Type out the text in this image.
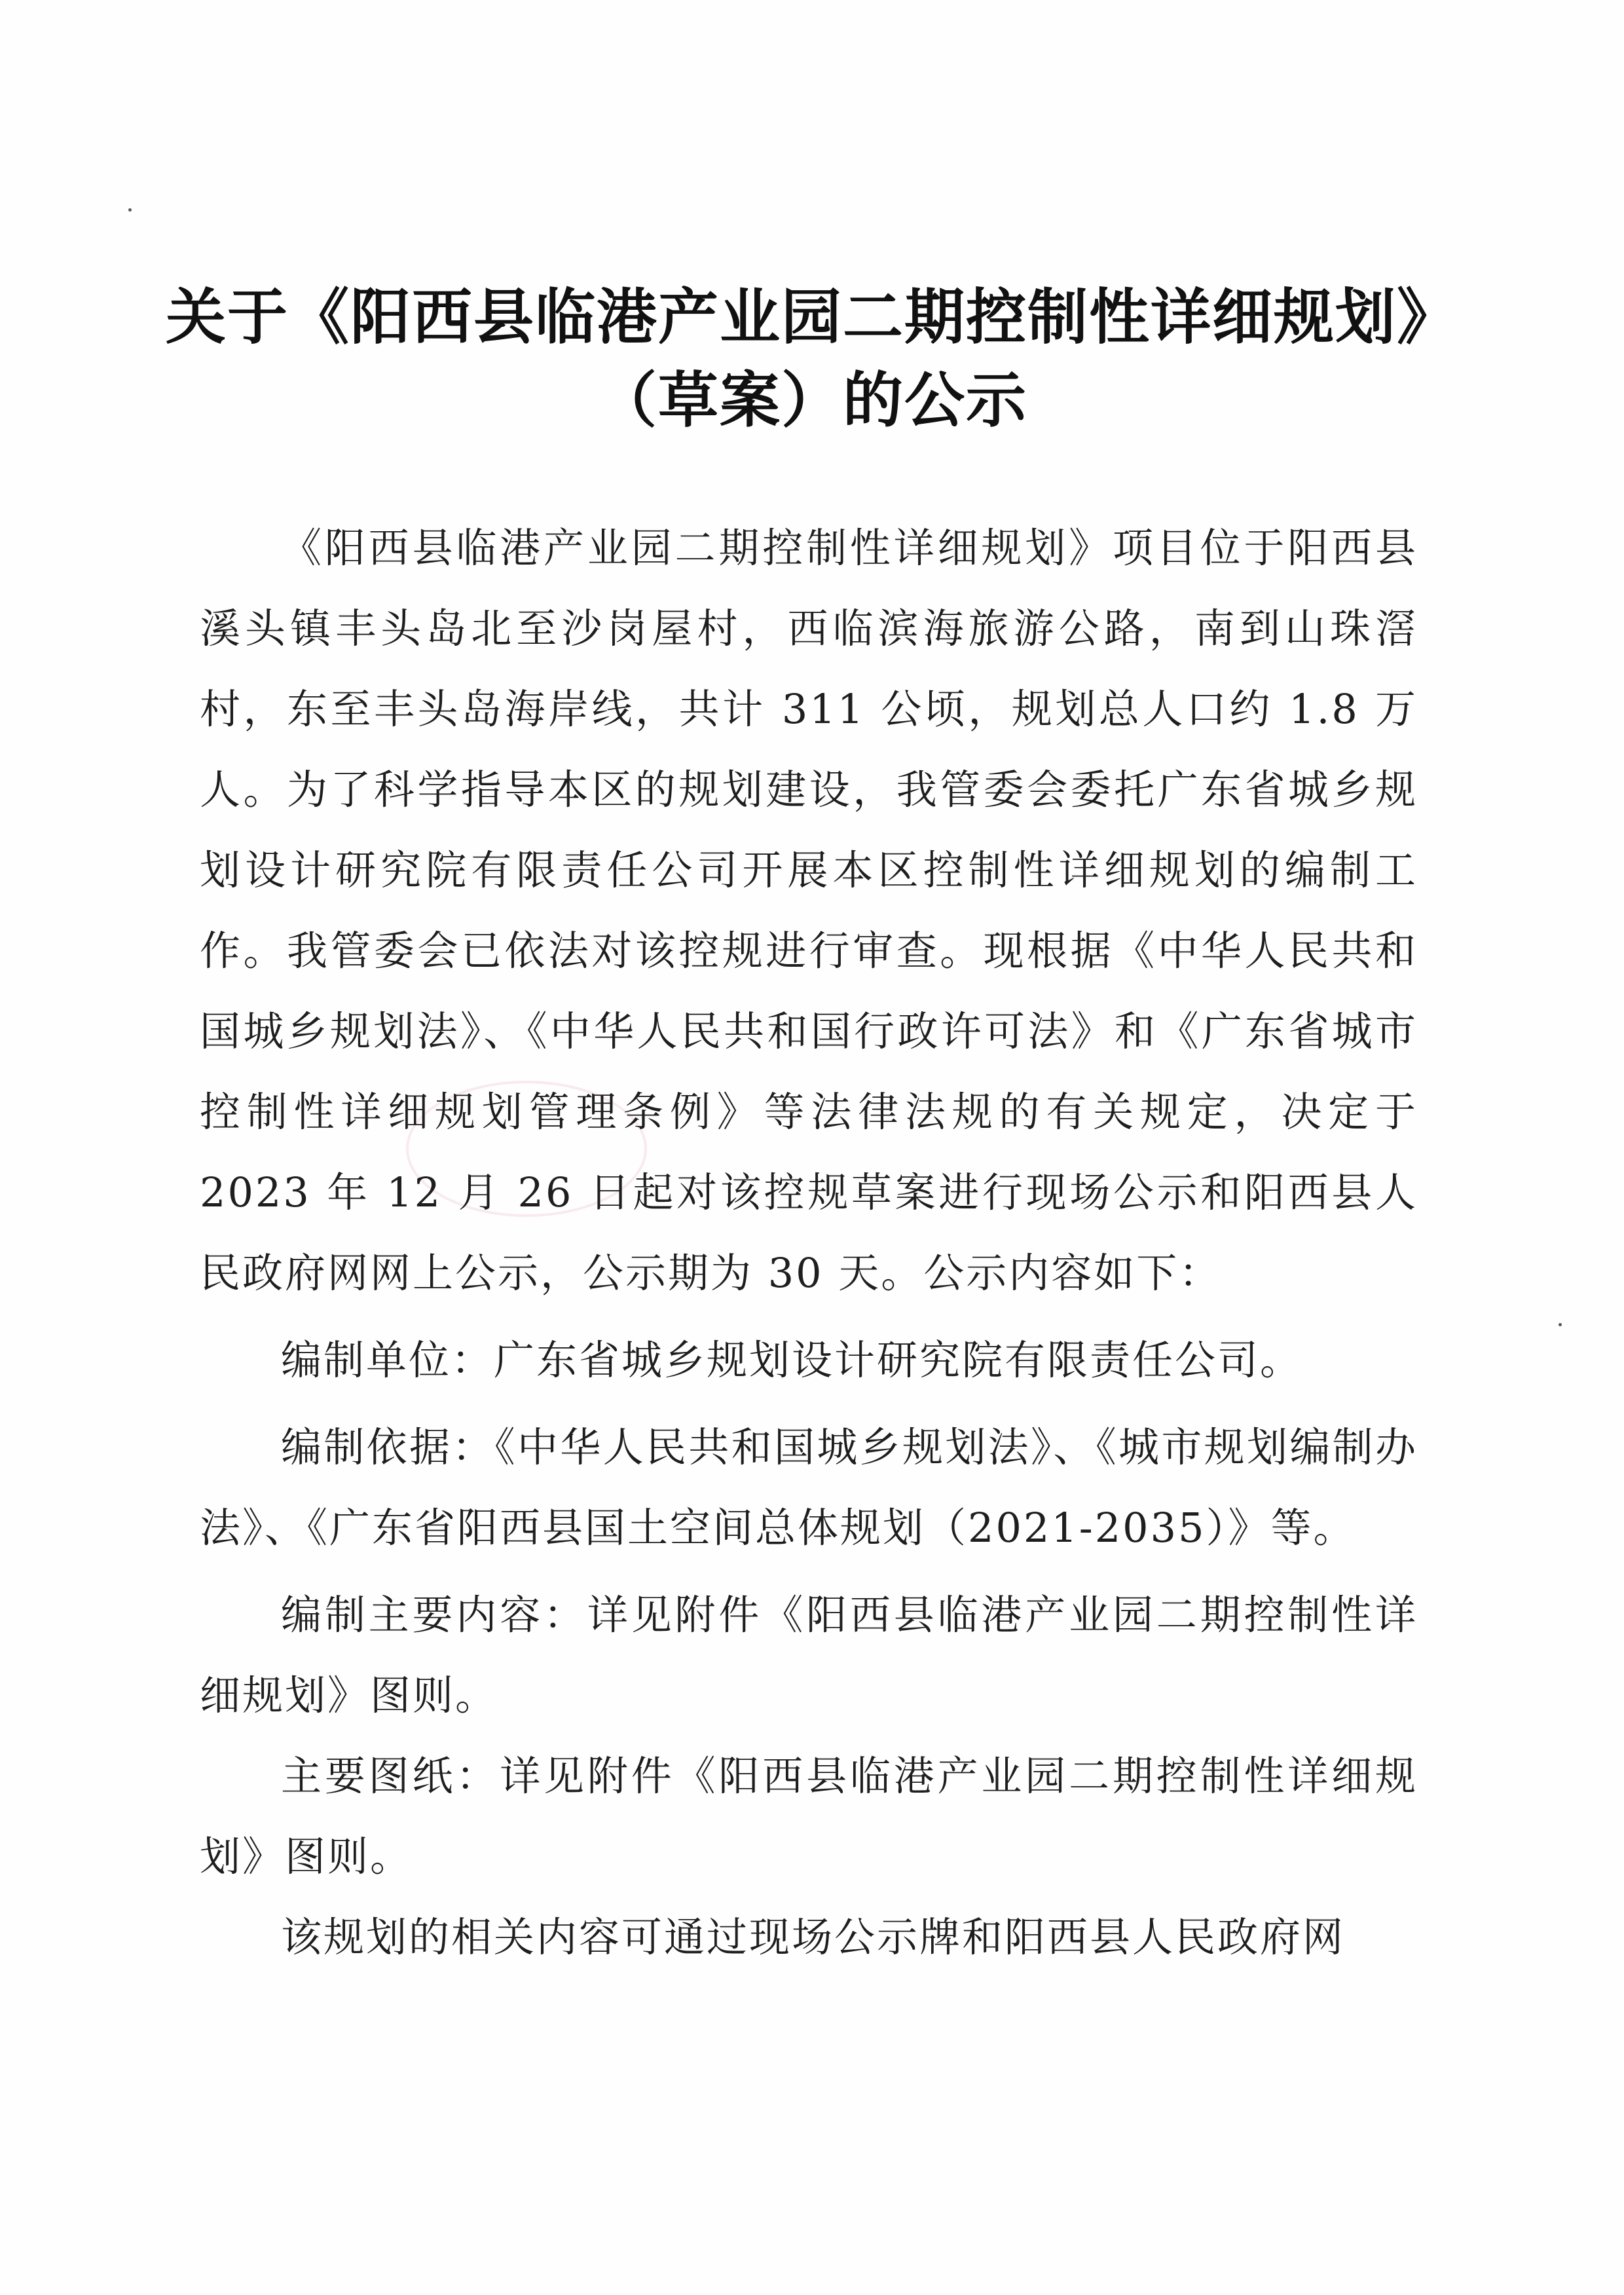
关于《阳西县临港产业园二期控制性详细规划》
（草案）的公示

《阳西县临港产业园二期控制性详细规划》项目位于阳西县溪头镇丰头岛北至沙岗屋村，西临滨海旅游公路，南到山珠滘村，东至丰头岛海岸线，共计 311 公顷，规划总人口约 1.8 万人。为了科学指导本区的规划建设，我管委会委托广东省城乡规划设计研究院有限责任公司开展本区控制性详细规划的编制工作。我管委会已依法对该控规进行审查。现根据《中华人民共和国城乡规划法》、《中华人民共和国行政许可法》和《广东省城市控制性详细规划管理条例》等法律法规的有关规定，决定于 2023 年 12 月 26 日起对该控规草案进行现场公示和阳西县人民政府网网上公示，公示期为 30 天。公示内容如下：

编制单位：广东省城乡规划设计研究院有限责任公司。

编制依据：《中华人民共和国城乡规划法》、《城市规划编制办法》、《广东省阳西县国土空间总体规划（2021-2035）》等。

编制主要内容：详见附件《阳西县临港产业园二期控制性详细规划》图则。

主要图纸：详见附件《阳西县临港产业园二期控制性详细规划》图则。

该规划的相关内容可通过现场公示牌和阳西县人民政府网
